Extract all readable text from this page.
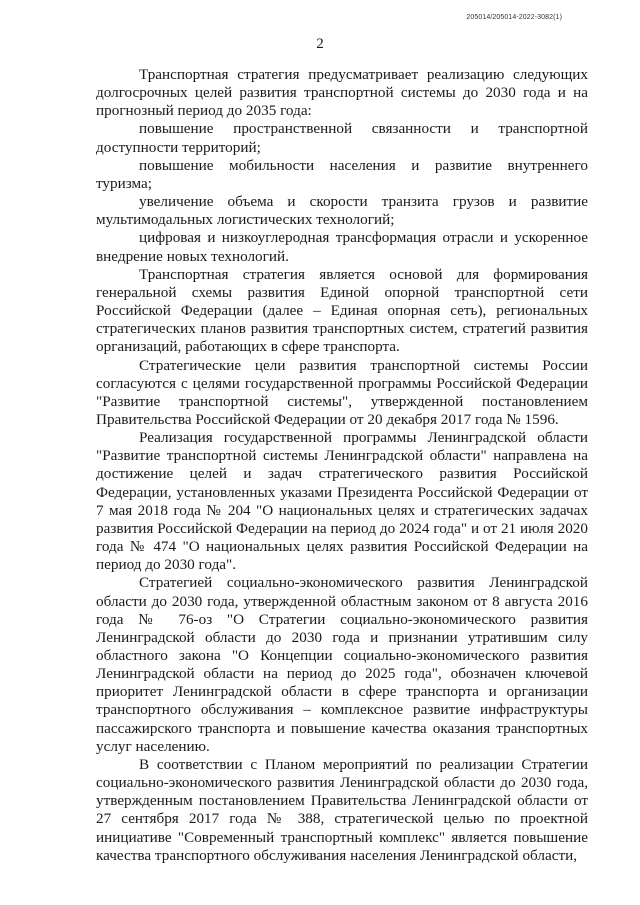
205014/205014-2022-3082(1)
2

Транспортная стратегия предусматривает реализацию следующих долгосрочных целей развития транспортной системы до 2030 года и на прогнозный период до 2035 года:

повышение пространственной связанности и транспортной доступности территорий;

повышение мобильности населения и развитие внутреннего туризма;

увеличение объема и скорости транзита грузов и развитие мультимодальных логистических технологий;

цифровая и низкоуглеродная трансформация отрасли и ускоренное внедрение новых технологий.

Транспортная стратегия является основой для формирования генеральной схемы развития Единой опорной транспортной сети Российской Федерации (далее – Единая опорная сеть), региональных стратегических планов развития транспортных систем, стратегий развития организаций, работающих в сфере транспорта.

Стратегические цели развития транспортной системы России согласуются с целями государственной программы Российской Федерации "Развитие транспортной системы", утвержденной постановлением Правительства Российской Федерации от 20 декабря 2017 года № 1596.

Реализация государственной программы Ленинградской области "Развитие транспортной системы Ленинградской области" направлена на достижение целей и задач стратегического развития Российской Федерации, установленных указами Президента Российской Федерации от 7 мая 2018 года № 204 "О национальных целях и стратегических задачах развития Российской Федерации на период до 2024 года" и от 21 июля 2020 года № 474 "О национальных целях развития Российской Федерации на период до 2030 года".

Стратегией социально-экономического развития Ленинградской области до 2030 года, утвержденной областным законом от 8 августа 2016 года № 76-оз "О Стратегии социально-экономического развития Ленинградской области до 2030 года и признании утратившим силу областного закона "О Концепции социально-экономического развития Ленинградской области на период до 2025 года", обозначен ключевой приоритет Ленинградской области в сфере транспорта и организации транспортного обслуживания – комплексное развитие инфраструктуры пассажирского транспорта и повышение качества оказания транспортных услуг населению.

В соответствии с Планом мероприятий по реализации Стратегии социально-экономического развития Ленинградской области до 2030 года, утвержденным постановлением Правительства Ленинградской области от 27 сентября 2017 года № 388, стратегической целью по проектной инициативе "Современный транспортный комплекс" является повышение качества транспортного обслуживания населения Ленинградской области,
